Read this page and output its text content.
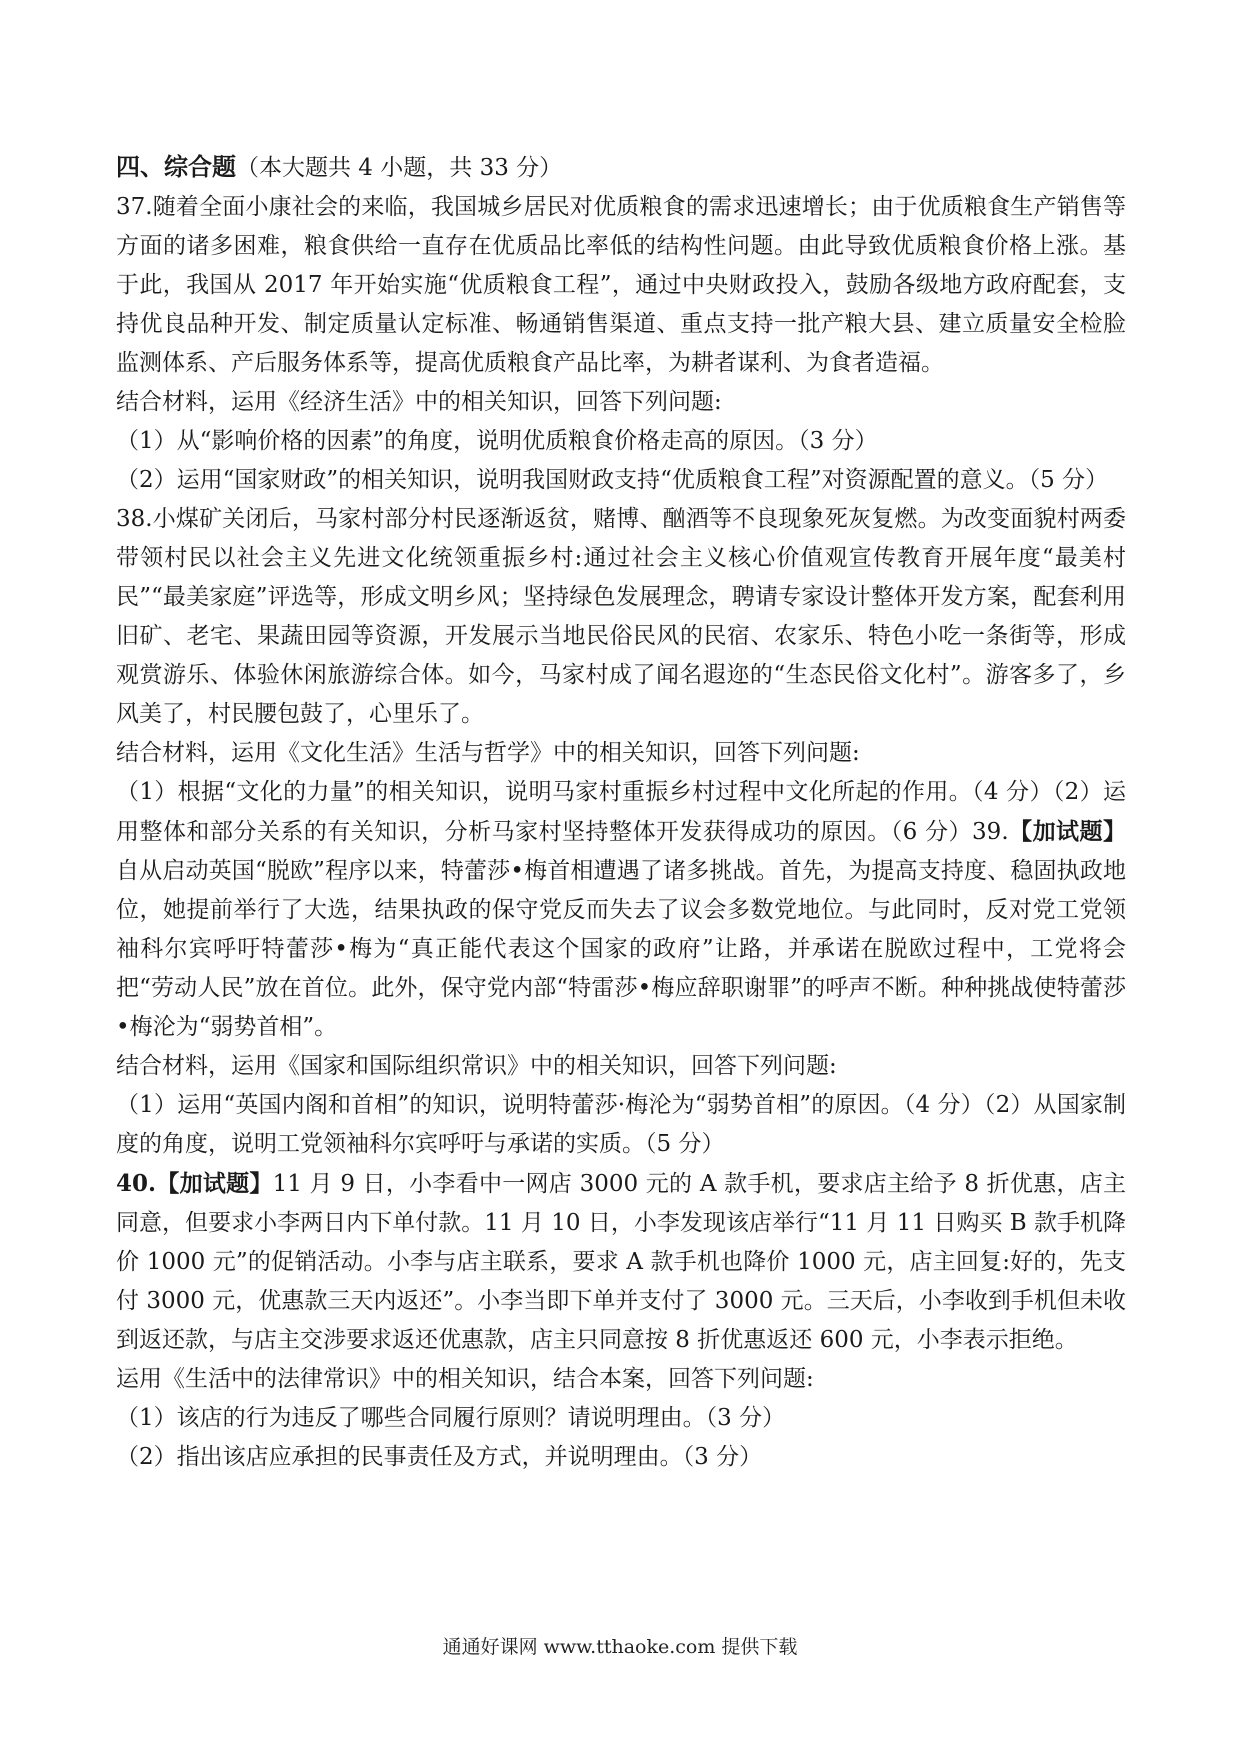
四、综合题（本大题共 4 小题，共 33 分）

37.随着全面小康社会的来临，我国城乡居民对优质粮食的需求迅速增长；由于优质粮食生产销售等方面的诸多困难，粮食供给一直存在优质品比率低的结构性问题。由此导致优质粮食价格上涨。基于此，我国从 2017 年开始实施“优质粮食工程”，通过中央财政投入，鼓励各级地方政府配套，支持优良品种开发、制定质量认定标准、畅通销售渠道、重点支持一批产粮大县、建立质量安全检脸监测体系、产后服务体系等，提高优质粮食产品比率，为耕者谋利、为食者造福。

结合材料，运用《经济生活》中的相关知识，回答下列问题:

（1）从“影响价格的因素”的角度，说明优质粮食价格走高的原因。（3 分）

（2）运用“国家财政”的相关知识，说明我国财政支持“优质粮食工程”对资源配置的意义。（5 分）

38.小煤矿关闭后，马家村部分村民逐渐返贫，赌博、酗酒等不良现象死灰复燃。为改变面貌村两委带领村民以社会主义先进文化统领重振乡村:通过社会主义核心价值观宣传教育开展年度“最美村民”“最美家庭”评选等，形成文明乡风；坚持绿色发展理念，聘请专家设计整体开发方案，配套利用旧矿、老宅、果蔬田园等资源，开发展示当地民俗民风的民宿、农家乐、特色小吃一条街等，形成观赏游乐、体验休闲旅游综合体。如今，马家村成了闻名遐迩的“生态民俗文化村”。游客多了，乡风美了，村民腰包鼓了，心里乐了。

结合材料，运用《文化生活》生活与哲学》中的相关知识，回答下列问题:

（1）根据“文化的力量”的相关知识，说明马家村重振乡村过程中文化所起的作用。（4 分）（2）运用整体和部分关系的有关知识，分析马家村坚持整体开发获得成功的原因。（6 分）39.【加试题】自从启动英国“脱欧”程序以来，特蕾莎•梅首相遭遇了诸多挑战。首先，为提高支持度、稳固执政地位，她提前举行了大选，结果执政的保守党反而失去了议会多数党地位。与此同时，反对党工党领袖科尔宾呼吁特蕾莎•梅为“真正能代表这个国家的政府”让路，并承诺在脱欧过程中，工党将会把“劳动人民”放在首位。此外，保守党内部“特雷莎•梅应辞职谢罪”的呼声不断。种种挑战使特蕾莎•梅沦为“弱势首相”。

结合材料，运用《国家和国际组织常识》中的相关知识，回答下列问题:

（1）运用“英国内阁和首相”的知识，说明特蕾莎·梅沦为“弱势首相”的原因。（4 分）（2）从国家制度的角度，说明工党领袖科尔宾呼吁与承诺的实质。（5 分）

40.【加试题】11 月 9 日，小李看中一网店 3000 元的 A 款手机，要求店主给予 8 折优惠，店主同意，但要求小李两日内下单付款。11 月 10 日，小李发现该店举行“11 月 11 日购买 B 款手机降价 1000 元”的促销活动。小李与店主联系，要求 A 款手机也降价 1000 元，店主回复:好的，先支付 3000 元，优惠款三天内返还”。小李当即下单并支付了 3000 元。三天后，小李收到手机但未收到返还款，与店主交涉要求返还优惠款，店主只同意按 8 折优惠返还 600 元，小李表示拒绝。

运用《生活中的法律常识》中的相关知识，结合本案，回答下列问题:

（1）该店的行为违反了哪些合同履行原则？请说明理由。（3 分）

（2）指出该店应承担的民事责任及方式，并说明理由。（3 分）

通通好课网 www.tthaoke.com 提供下载
